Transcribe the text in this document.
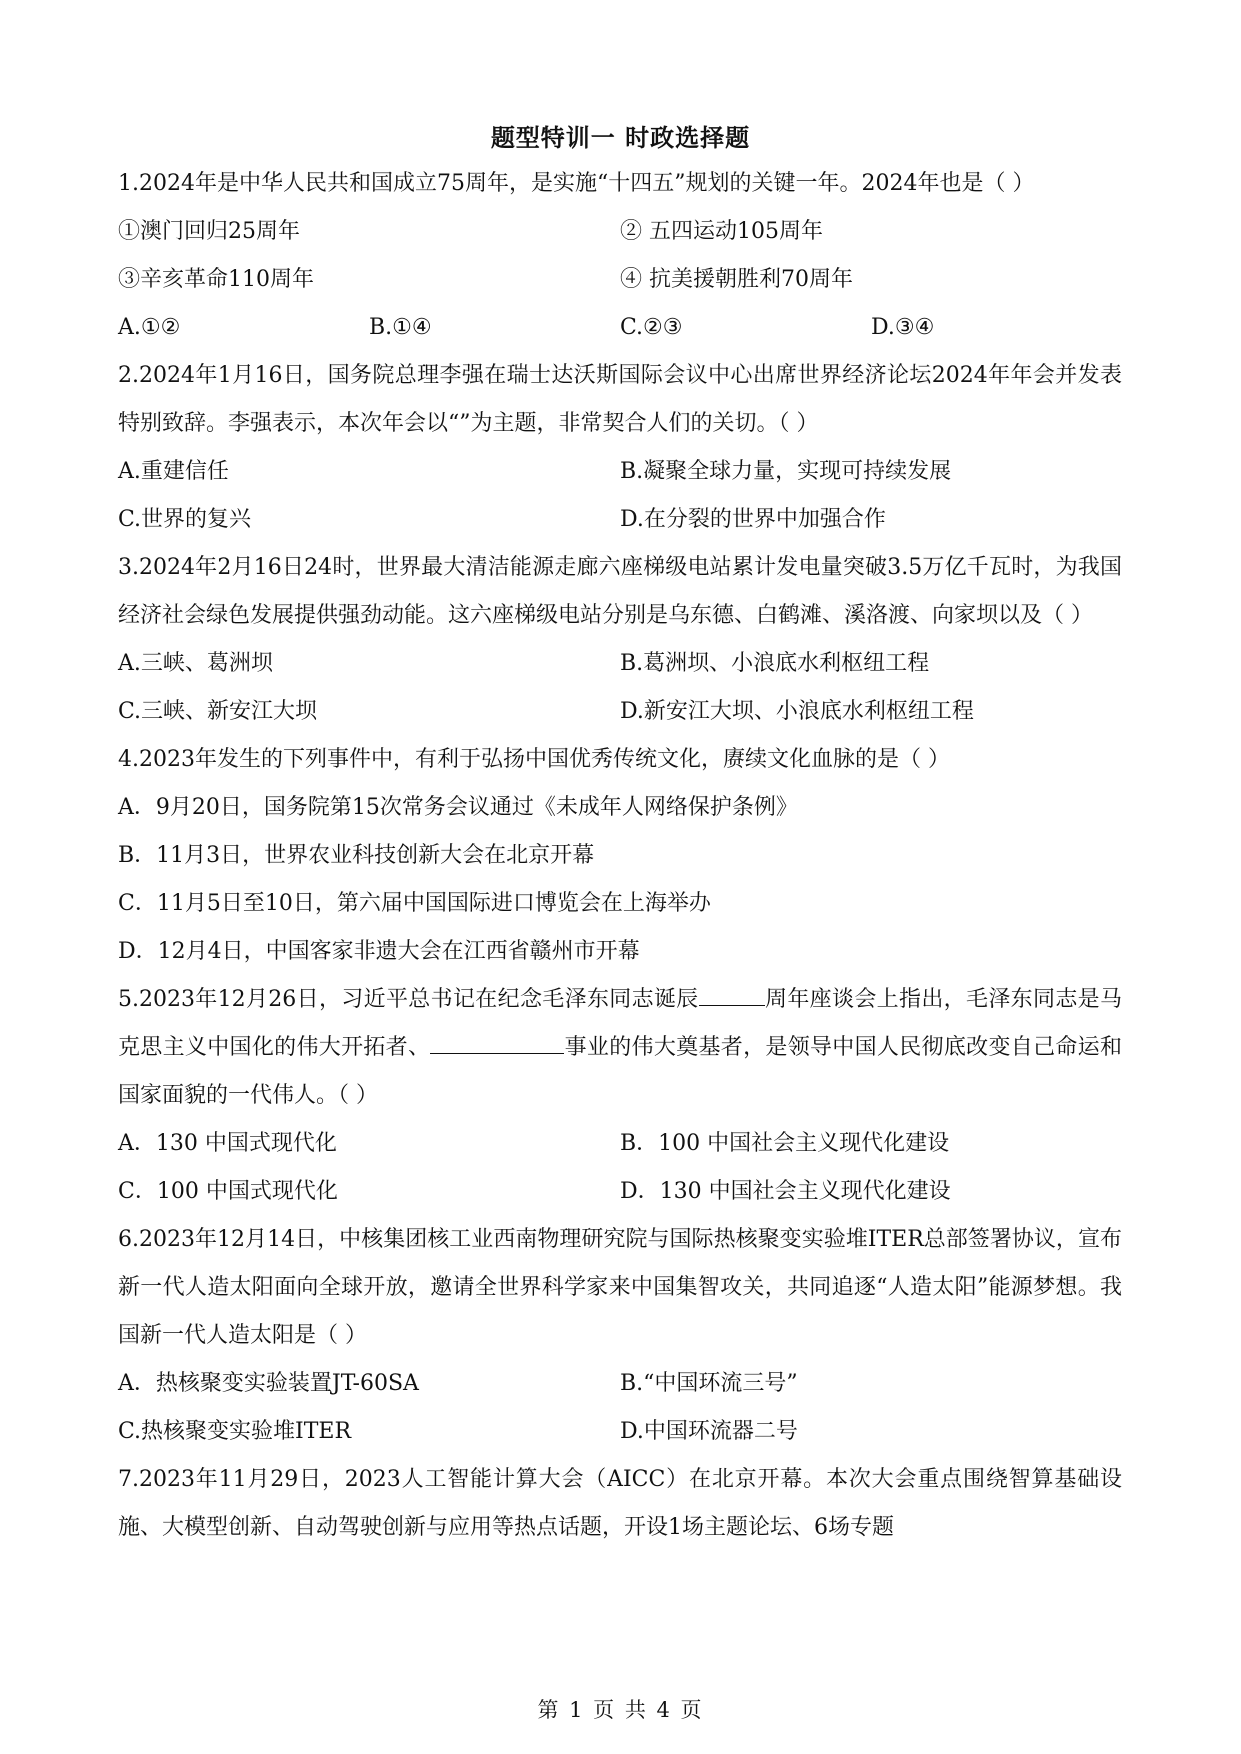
题型特训一 时政选择题
1.2024年是中华人民共和国成立75周年，是实施“十四五”规划的关键一年。2024年也是（ ）
①澳门回归25周年	② 五四运动105周年
③辛亥革命110周年	④ 抗美援朝胜利70周年
A.①②	B.①④	C.②③	D.③④
2.2024年1月16日，国务院总理李强在瑞士达沃斯国际会议中心出席世界经济论坛2024年年会并发表特别致辞。李强表示，本次年会以“”为主题，非常契合人们的关切。（ ）
A.重建信任	B.凝聚全球力量，实现可持续发展
C.世界的复兴	D.在分裂的世界中加强合作
3.2024年2月16日24时，世界最大清洁能源走廊六座梯级电站累计发电量突破3.5万亿千瓦时，为我国经济社会绿色发展提供强劲动能。这六座梯级电站分别是乌东德、白鹤滩、溪洛渡、向家坝以及（ ）
A.三峡、葛洲坝	B.葛洲坝、小浪底水利枢纽工程
C.三峡、新安江大坝	D.新安江大坝、小浪底水利枢纽工程
4.2023年发生的下列事件中，有利于弘扬中国优秀传统文化，赓续文化血脉的是（ ）
A．9月20日，国务院第15次常务会议通过《未成年人网络保护条例》
B．11月3日，世界农业科技创新大会在北京开幕
C．11月5日至10日，第六届中国国际进口博览会在上海举办
D．12月4日，中国客家非遗大会在江西省赣州市开幕
5.2023年12月26日，习近平总书记在纪念毛泽东同志诞辰	周年座谈会上指出，毛泽东同志是马克思主义中国化的伟大开拓者、	事业的伟大奠基者，是领导中国人民彻底改变自己命运和国家面貌的一代伟人。（ ）
A．130 中国式现代化	B．100 中国社会主义现代化建设
C．100 中国式现代化	D．130 中国社会主义现代化建设
6.2023年12月14日，中核集团核工业西南物理研究院与国际热核聚变实验堆ITER总部签署协议，宣布新一代人造太阳面向全球开放，邀请全世界科学家来中国集智攻关，共同追逐“人造太阳”能源梦想。我国新一代人造太阳是（ ）
A．热核聚变实验装置JT-60SA	B.“中国环流三号”
C.热核聚变实验堆ITER	D.中国环流器二号
7.2023年11月29日，2023人工智能计算大会（AICC）在北京开幕。本次大会重点围绕智算基础设施、大模型创新、自动驾驶创新与应用等热点话题，开设1场主题论坛、6场专题
第 1 页 共 4 页
